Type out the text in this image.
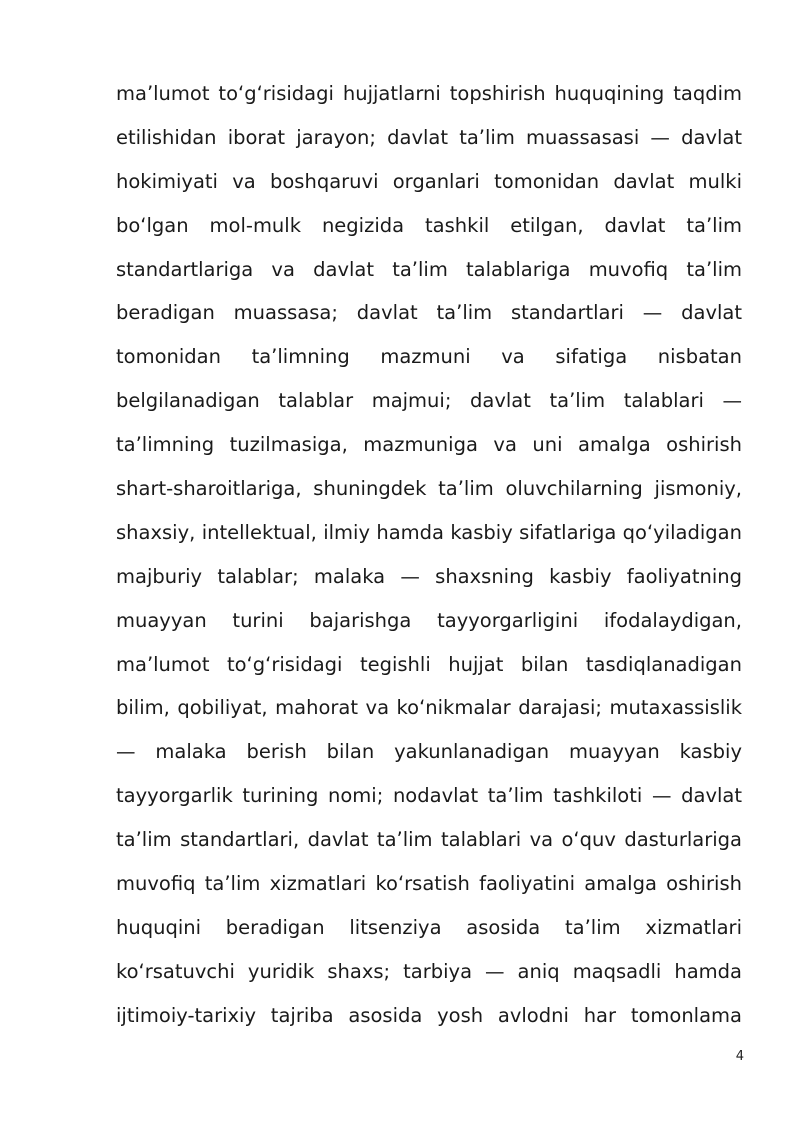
ma’lumot to‘g‘risidagi hujjatlarni topshirish huquqining taqdim
etilishidan iborat jarayon; davlat ta’lim muassasasi — davlat
hokimiyati va boshqaruvi organlari tomonidan davlat mulki
bo‘lgan mol-mulk negizida tashkil etilgan, davlat ta’lim
standartlariga va davlat ta’lim talablariga muvofiq ta’lim
beradigan muassasa; davlat ta’lim standartlari — davlat
tomonidan ta’limning mazmuni va sifatiga nisbatan
belgilanadigan talablar majmui; davlat ta’lim talablari —
ta’limning tuzilmasiga, mazmuniga va uni amalga oshirish
shart-sharoitlariga, shuningdek ta’lim oluvchilarning jismoniy,
shaxsiy, intellektual, ilmiy hamda kasbiy sifatlariga qo‘yiladigan
majburiy talablar; malaka — shaxsning kasbiy faoliyatning
muayyan turini bajarishga tayyorgarligini ifodalaydigan,
ma’lumot to‘g‘risidagi tegishli hujjat bilan tasdiqlanadigan
bilim, qobiliyat, mahorat va ko‘nikmalar darajasi; mutaxassislik
— malaka berish bilan yakunlanadigan muayyan kasbiy
tayyorgarlik turining nomi; nodavlat ta’lim tashkiloti — davlat
ta’lim standartlari, davlat ta’lim talablari va o‘quv dasturlariga
muvofiq ta’lim xizmatlari ko‘rsatish faoliyatini amalga oshirish
huquqini beradigan litsenziya asosida ta’lim xizmatlari
ko‘rsatuvchi yuridik shaxs; tarbiya — aniq maqsadli hamda
ijtimoiy-tarixiy tajriba asosida yosh avlodni har tomonlama
4
